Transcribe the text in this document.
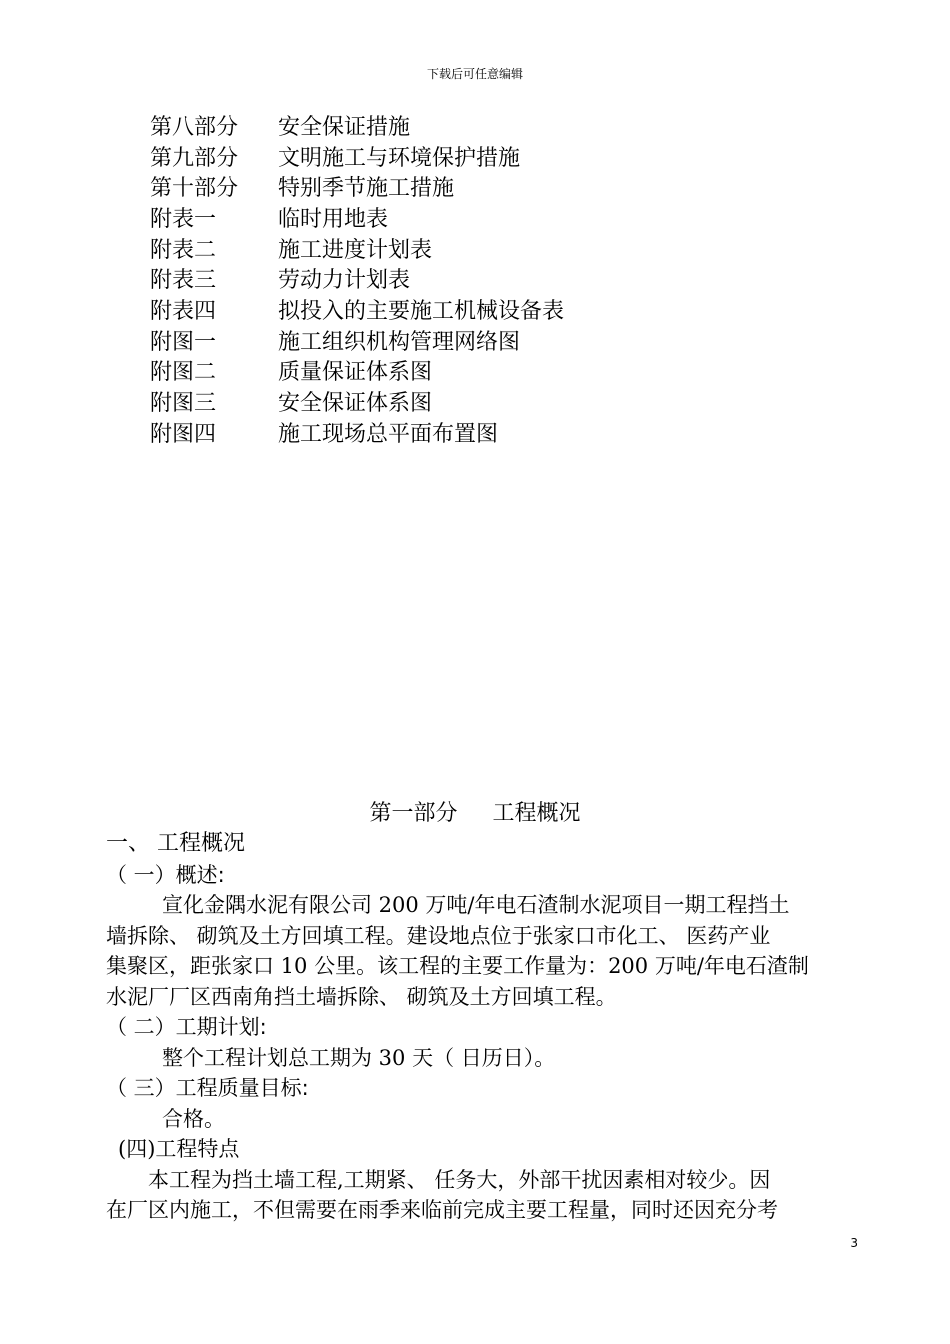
下载后可任意编辑
第八部分	安全保证措施
第九部分	文明施工与环境保护措施
第十部分	特别季节施工措施
附表一	临时用地表
附表二	施工进度计划表
附表三	劳动力计划表
附表四	拟投入的主要施工机械设备表
附图一	施工组织机构管理网络图
附图二	质量保证体系图
附图三	安全保证体系图
附图四	施工现场总平面布置图
第一部分     工程概况

一、 工程概况

（ 一）概述:

宣化金隅水泥有限公司 200 万吨/年电石渣制水泥项目一期工程挡土

墙拆除、 砌筑及土方回填工程。建设地点位于张家口市化工、 医药产业

集聚区，距张家口 10 公里。该工程的主要工作量为：200 万吨/年电石渣制

水泥厂厂区西南角挡土墙拆除、 砌筑及土方回填工程。

（ 二）工期计划:

整个工程计划总工期为 30 天（ 日历日）。

（ 三）工程质量目标:

合格。

(四)工程特点

本工程为挡土墙工程,工期紧、 任务大，外部干扰因素相对较少。因

在厂区内施工，不但需要在雨季来临前完成主要工程量，同时还因充分考

3
